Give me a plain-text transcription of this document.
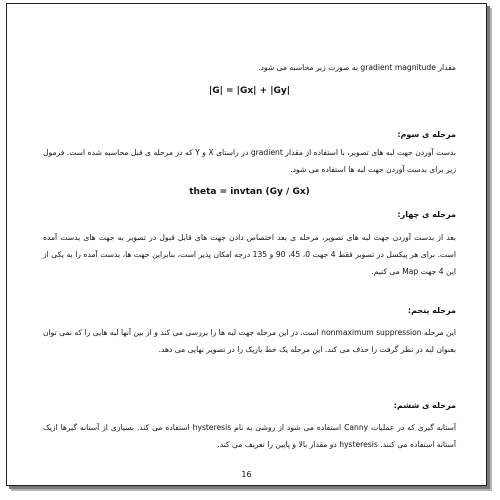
مقدار gradient magnitude به صورت زیر محاسبه می شود.

|G| = |Gx| + |Gy|

مرحله ی سوم:

بدست آوردن جهت لبه های تصویر، با استفاده از مقدار gradient در راستای X و Y که در مرحله ی قبل محاسبه شده است. فرمول زیر برای بدست آوردن جهت لبه ها استفاده می شود.

theta = invtan (Gy / Gx)

مرحله ی چهار:

بعد از بدست آوردن جهت لبه های تصویر، مرحله ی بعد اختصاص دادن جهت های قابل قبول در تصویر به جهت های بدست آمده است. برای هر پیکسل در تصویر فقط 4 جهت 0، 45، 90 و 135 درجه امکان پذیر است، بنابراین جهت ها، بدست آمده را به یکی از این 4 جهت Map می کنیم.

مرحله پنجم:

این مرحله nonmaximum suppression است. در این مرحله جهت لبه ها را بررسی می کند و از بین آنها لبه هایی را که نمی توان بعنوان لبه در نظر گرفت را حذف می کند. این مرحله یک خط باریک را در تصویر نهایی می دهد.

مرحله ی ششم:

آستانه گیری که در عملیات Canny استفاده می شود از روشی به نام hysteresis استفاده می کند. بسیاری از آستانه گیرها ازیک آستانه استفاده می کنند. hysteresis دو مقدار بالا و پایین را تعریف می کند.

16
